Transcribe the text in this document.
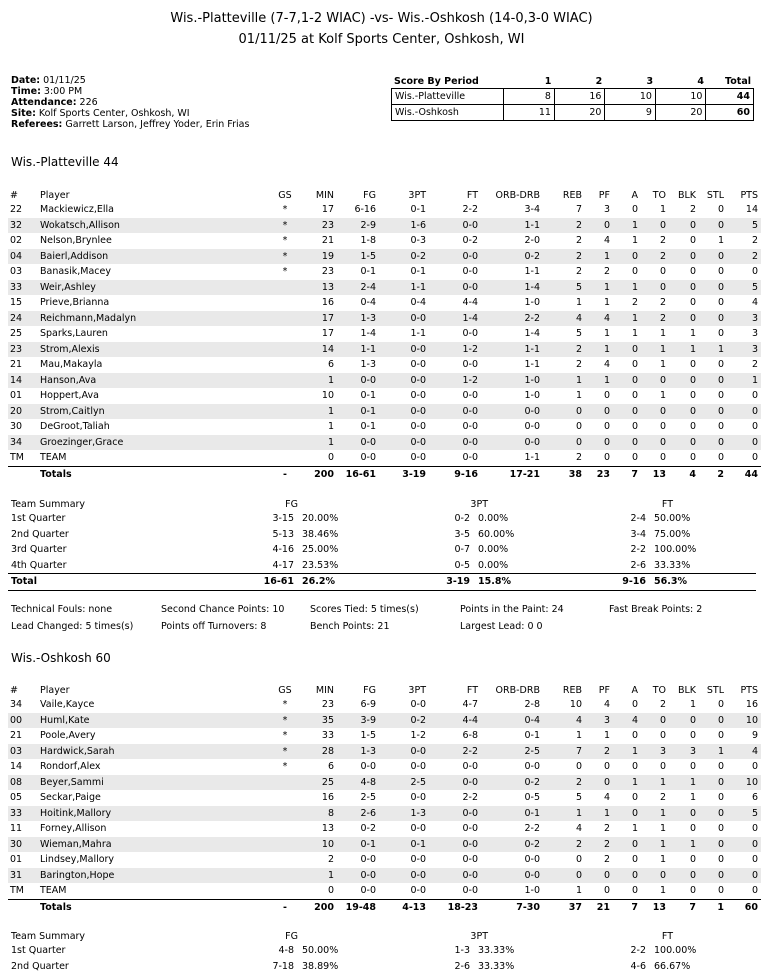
Wis.-Platteville (7-7,1-2 WIAC) -vs- Wis.-Oshkosh (14-0,3-0 WIAC)
01/11/25 at Kolf Sports Center, Oshkosh, WI
Date: 01/11/25
Time: 3:00 PM
Attendance: 226
Site: Kolf Sports Center, Oshkosh, WI
Referees: Garrett Larson, Jeffrey Yoder, Erin Frias
Score By Period	1	2	3	4	Total
Wis.-Platteville	8	16	10	10	44
Wis.-Oshkosh	11	20	9	20	60
Wis.-Platteville 44
#	Player	GS	MIN	FG	3PT	FT	ORB-DRB	REB	PF	A	TO	BLK	STL	PTS
22	Mackiewicz,Ella	*	17	6-16	0-1	2-2	3-4	7	3	0	1	2	0	14
32	Wokatsch,Allison	*	23	2-9	1-6	0-0	1-1	2	0	1	0	0	0	5
02	Nelson,Brynlee	*	21	1-8	0-3	0-2	2-0	2	4	1	2	0	1	2
04	Baierl,Addison	*	19	1-5	0-2	0-0	0-2	2	1	0	2	0	0	2
03	Banasik,Macey	*	23	0-1	0-1	0-0	1-1	2	2	0	0	0	0	0
33	Weir,Ashley		13	2-4	1-1	0-0	1-4	5	1	1	0	0	0	5
15	Prieve,Brianna		16	0-4	0-4	4-4	1-0	1	1	2	2	0	0	4
24	Reichmann,Madalyn		17	1-3	0-0	1-4	2-2	4	4	1	2	0	0	3
25	Sparks,Lauren		17	1-4	1-1	0-0	1-4	5	1	1	1	1	0	3
23	Strom,Alexis		14	1-1	0-0	1-2	1-1	2	1	0	1	1	1	3
21	Mau,Makayla		6	1-3	0-0	0-0	1-1	2	4	0	1	0	0	2
14	Hanson,Ava		1	0-0	0-0	1-2	1-0	1	1	0	0	0	0	1
01	Hoppert,Ava		10	0-1	0-0	0-0	1-0	1	0	0	1	0	0	0
20	Strom,Caitlyn		1	0-1	0-0	0-0	0-0	0	0	0	0	0	0	0
30	DeGroot,Taliah		1	0-1	0-0	0-0	0-0	0	0	0	0	0	0	0
34	Groezinger,Grace		1	0-0	0-0	0-0	0-0	0	0	0	0	0	0	0
TM	TEAM		0	0-0	0-0	0-0	1-1	2	0	0	0	0	0	0
	Totals	-	200	16-61	3-19	9-16	17-21	38	23	7	13	4	2	44
Team Summary	FG	3PT	FT
1st Quarter	3-15 20.00%	0-2 0.00%	2-4 50.00%
2nd Quarter	5-13 38.46%	3-5 60.00%	3-4 75.00%
3rd Quarter	4-16 25.00%	0-7 0.00%	2-2 100.00%
4th Quarter	4-17 23.53%	0-5 0.00%	2-6 33.33%
Total	16-61 26.2%	3-19 15.8%	9-16 56.3%
Technical Fouls: none	Second Chance Points: 10	Scores Tied: 5 times(s)	Points in the Paint: 24	Fast Break Points: 2
Lead Changed: 5 times(s)	Points off Turnovers: 8	Bench Points: 21	Largest Lead: 0 0
Wis.-Oshkosh 60
#	Player	GS	MIN	FG	3PT	FT	ORB-DRB	REB	PF	A	TO	BLK	STL	PTS
34	Vaile,Kayce	*	23	6-9	0-0	4-7	2-8	10	4	0	2	1	0	16
00	Huml,Kate	*	35	3-9	0-2	4-4	0-4	4	3	4	0	0	0	10
21	Poole,Avery	*	33	1-5	1-2	6-8	0-1	1	1	0	0	0	0	9
03	Hardwick,Sarah	*	28	1-3	0-0	2-2	2-5	7	2	1	3	3	1	4
14	Rondorf,Alex	*	6	0-0	0-0	0-0	0-0	0	0	0	0	0	0	0
08	Beyer,Sammi		25	4-8	2-5	0-0	0-2	2	0	1	1	1	0	10
05	Seckar,Paige		16	2-5	0-0	2-2	0-5	5	4	0	2	1	0	6
33	Hoitink,Mallory		8	2-6	1-3	0-0	0-1	1	1	0	1	0	0	5
11	Forney,Allison		13	0-2	0-0	0-0	2-2	4	2	1	1	0	0	0
30	Wieman,Mahra		10	0-1	0-1	0-0	0-2	2	2	0	1	1	0	0
01	Lindsey,Mallory		2	0-0	0-0	0-0	0-0	0	2	0	1	0	0	0
31	Barington,Hope		1	0-0	0-0	0-0	0-0	0	0	0	0	0	0	0
TM	TEAM		0	0-0	0-0	0-0	1-0	1	0	0	1	0	0	0
	Totals	-	200	19-48	4-13	18-23	7-30	37	21	7	13	7	1	60
Team Summary	FG	3PT	FT
1st Quarter	4-8 50.00%	1-3 33.33%	2-2 100.00%
2nd Quarter	7-18 38.89%	2-6 33.33%	4-6 66.67%
